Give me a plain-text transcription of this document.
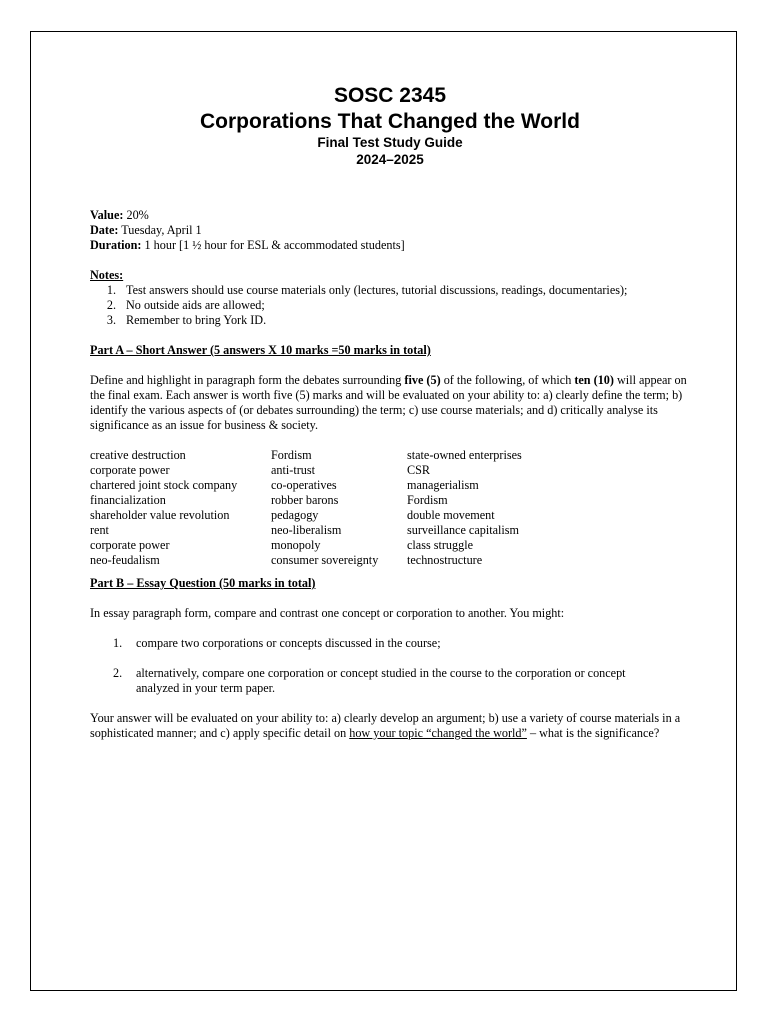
SOSC 2345
Corporations That Changed the World
Final Test Study Guide
2024–2025
Value: 20%
Date: Tuesday, April 1
Duration: 1 hour [1 ½ hour for ESL & accommodated students]
Notes:
1. Test answers should use course materials only (lectures, tutorial discussions, readings, documentaries);
2. No outside aids are allowed;
3. Remember to bring York ID.
Part A – Short Answer (5 answers X 10 marks =50 marks in total)
Define and highlight in paragraph form the debates surrounding five (5) of the following, of which ten (10) will appear on the final exam. Each answer is worth five (5) marks and will be evaluated on your ability to: a) clearly define the term; b) identify the various aspects of (or debates surrounding) the term; c) use course materials; and d) critically analyse its significance as an issue for business & society.
creative destruction
corporate power
chartered joint stock company
financialization
shareholder value revolution
rent
corporate power
neo-feudalism
Fordism
anti-trust
co-operatives
robber barons
pedagogy
neo-liberalism
monopoly
consumer sovereignty
state-owned enterprises
CSR
managerialism
Fordism
double movement
surveillance capitalism
class struggle
technostructure
Part B – Essay Question (50 marks in total)
In essay paragraph form, compare and contrast one concept or corporation to another. You might:
1.	compare two corporations or concepts discussed in the course;
2.	alternatively, compare one corporation or concept studied in the course to the corporation or concept analyzed in your term paper.
Your answer will be evaluated on your ability to: a) clearly develop an argument; b) use a variety of course materials in a sophisticated manner; and c) apply specific detail on how your topic “changed the world” – what is the significance?
